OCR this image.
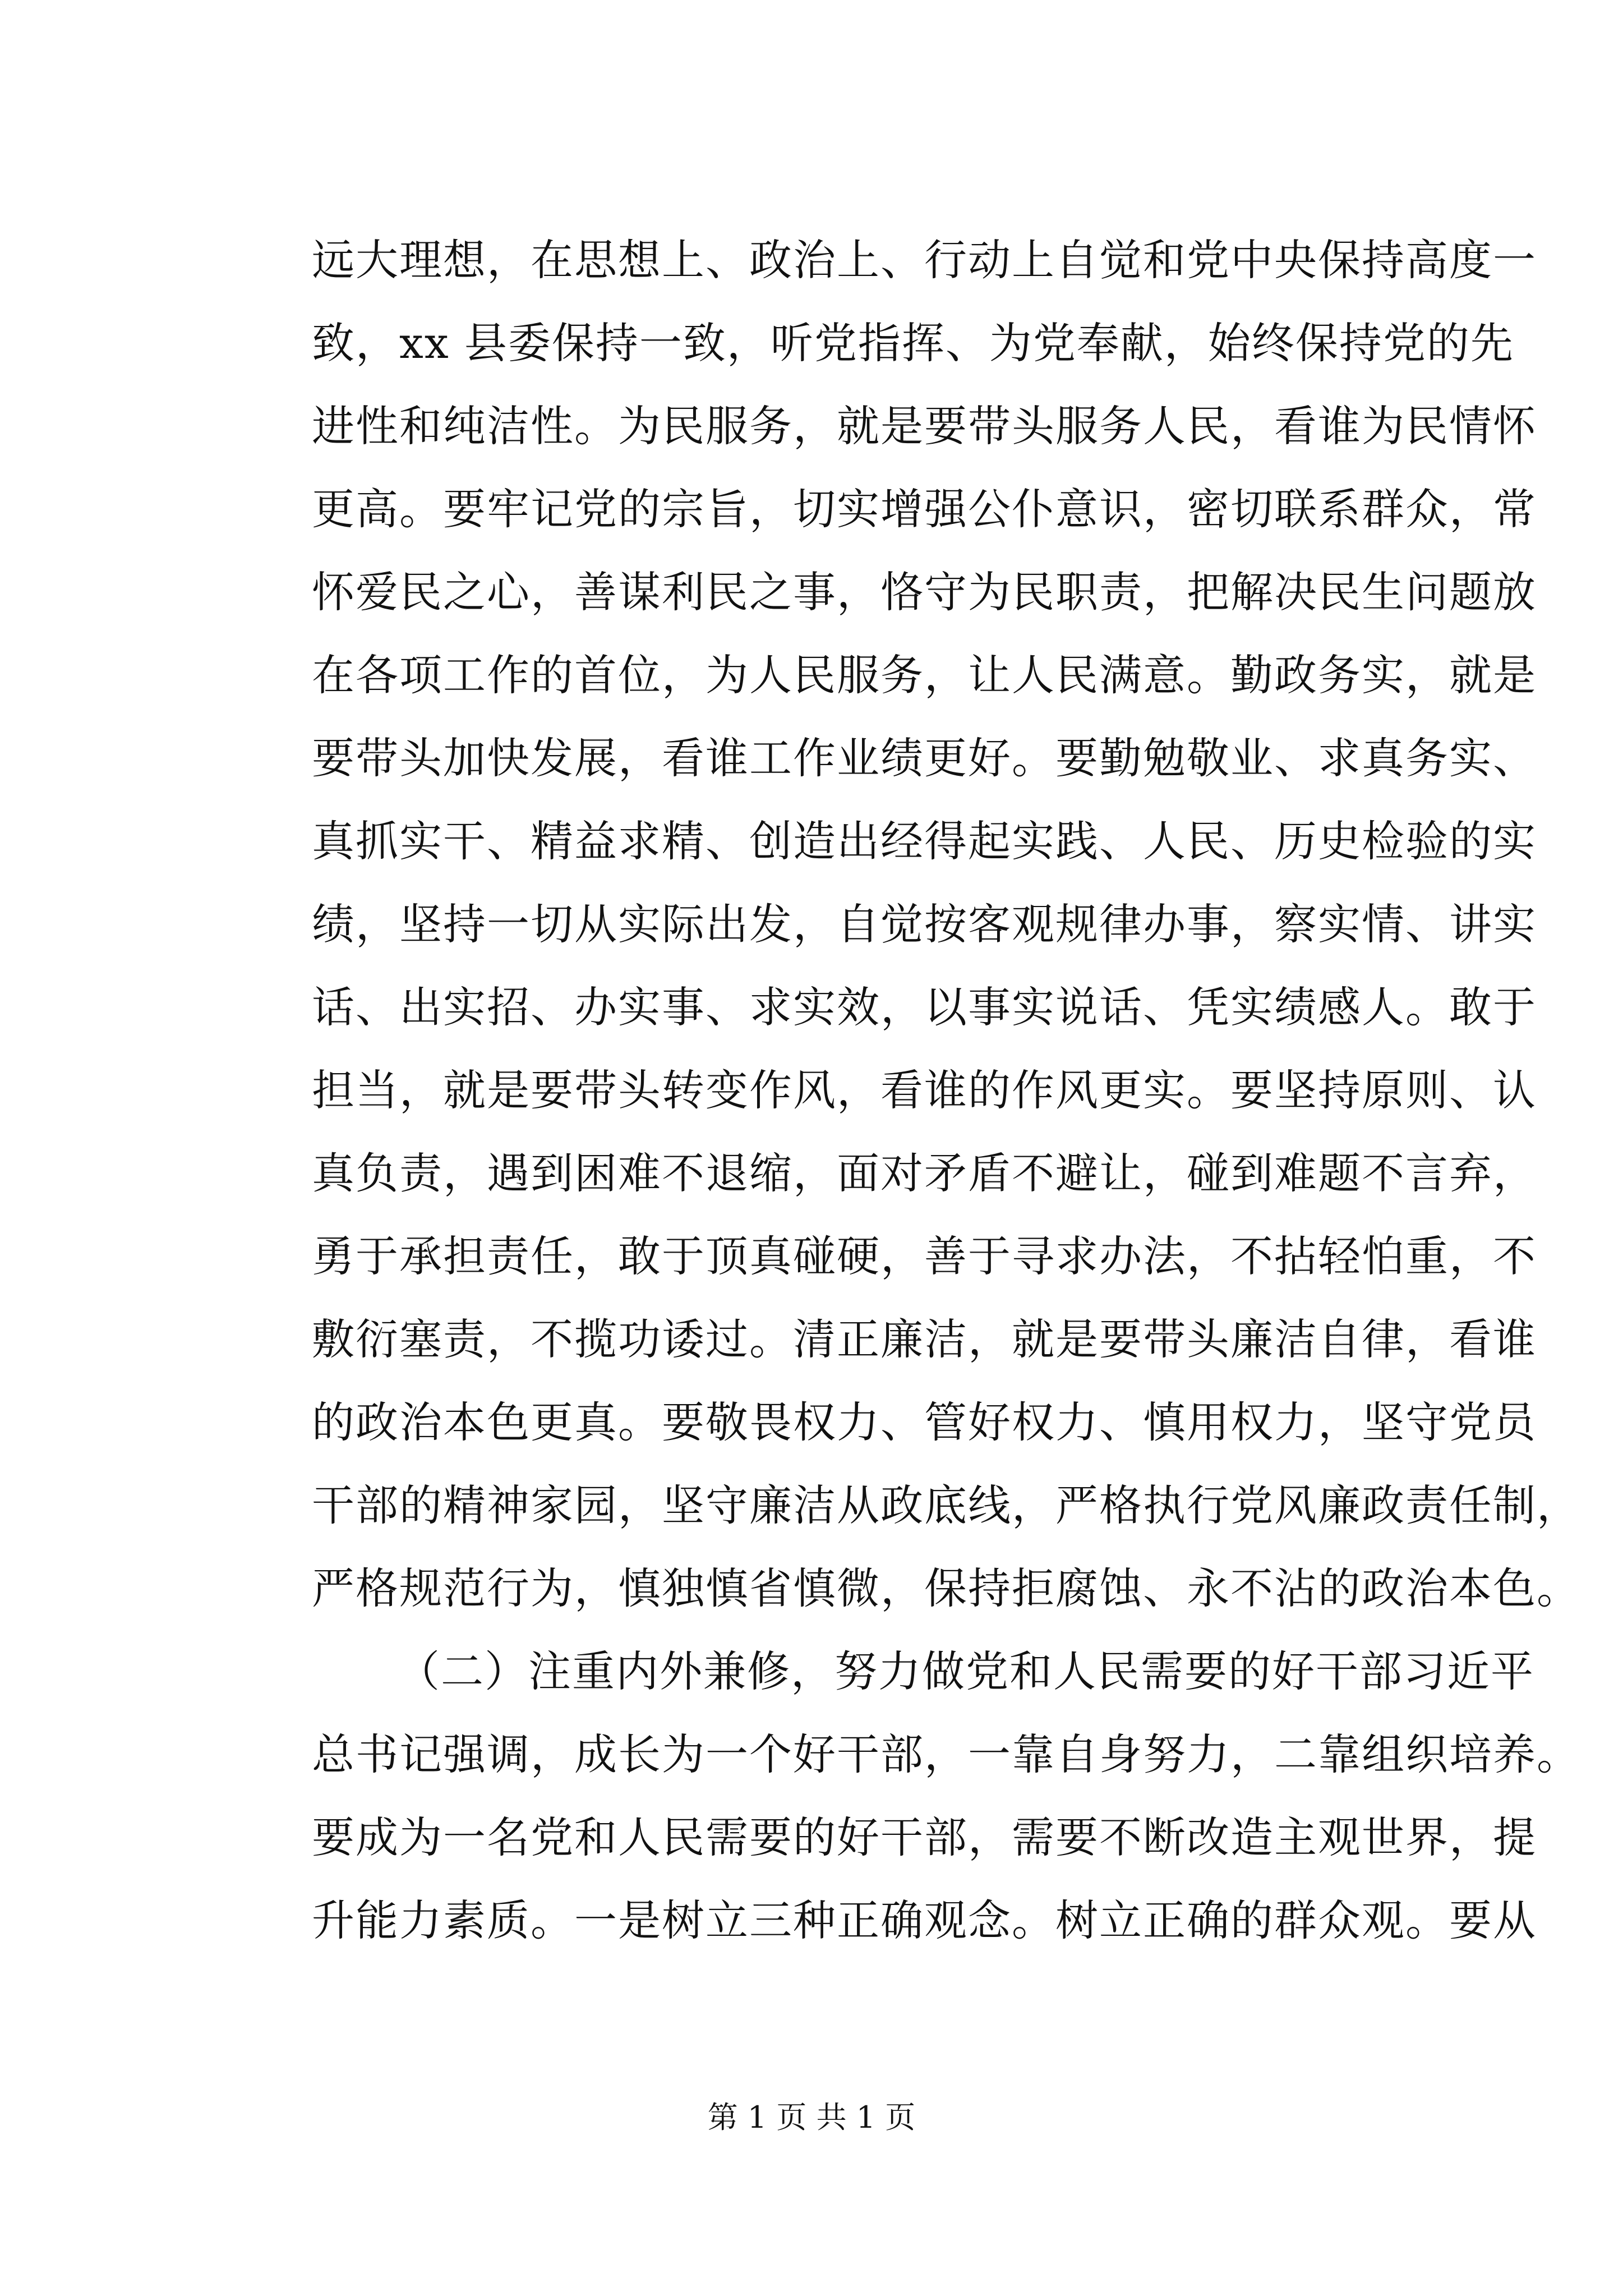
远大理想，在思想上、政治上、行动上自觉和党中央保持高度一
致，xx 县委保持一致，听党指挥、为党奉献，始终保持党的先
进性和纯洁性。为民服务，就是要带头服务人民，看谁为民情怀
更高。要牢记党的宗旨，切实增强公仆意识，密切联系群众，常
怀爱民之心，善谋利民之事，恪守为民职责，把解决民生问题放
在各项工作的首位，为人民服务，让人民满意。勤政务实，就是
要带头加快发展，看谁工作业绩更好。要勤勉敬业、求真务实、
真抓实干、精益求精、创造出经得起实践、人民、历史检验的实
绩，坚持一切从实际出发，自觉按客观规律办事，察实情、讲实
话、出实招、办实事、求实效，以事实说话、凭实绩感人。敢于
担当，就是要带头转变作风，看谁的作风更实。要坚持原则、认
真负责，遇到困难不退缩，面对矛盾不避让，碰到难题不言弃，
勇于承担责任，敢于顶真碰硬，善于寻求办法，不拈轻怕重，不
敷衍塞责，不揽功诿过。清正廉洁，就是要带头廉洁自律，看谁
的政治本色更真。要敬畏权力、管好权力、慎用权力，坚守党员
干部的精神家园，坚守廉洁从政底线，严格执行党风廉政责任制，
严格规范行为，慎独慎省慎微，保持拒腐蚀、永不沾的政治本色。
（二）注重内外兼修，努力做党和人民需要的好干部习近平
总书记强调，成长为一个好干部，一靠自身努力，二靠组织培养。
要成为一名党和人民需要的好干部，需要不断改造主观世界，提
升能力素质。一是树立三种正确观念。树立正确的群众观。要从
第 1 页 共 1 页
